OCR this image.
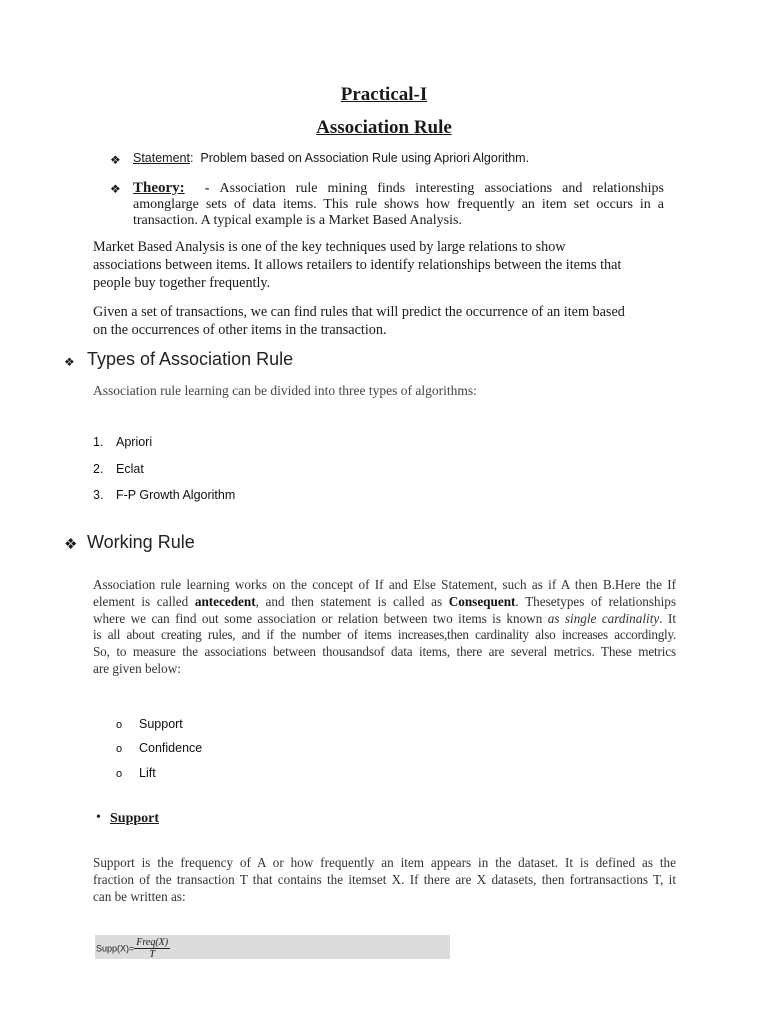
Practical-I
Association Rule
❖ Statement: Problem based on Association Rule using Apriori Algorithm.
❖ Theory: - Association rule mining finds interesting associations and relationships
amonglarge sets of data items. This rule shows how frequently an item set occurs in a
transaction. A typical example is a Market Based Analysis.
Market Based Analysis is one of the key techniques used by large relations to show
associations between items. It allows retailers to identify relationships between the items that
people buy together frequently.
Given a set of transactions, we can find rules that will predict the occurrence of an item based
on the occurrences of other items in the transaction.
❖ Types of Association Rule
Association rule learning can be divided into three types of algorithms:
1. Apriori
2. Eclat
3. F-P Growth Algorithm
❖ Working Rule
Association rule learning works on the concept of If and Else Statement, such as if A then B.Here the If
element is called antecedent, and then statement is called as Consequent. Thesetypes of relationships
where we can find out some association or relation between two items is known as single cardinality. It
is all about creating rules, and if the number of items increases,then cardinality also increases accordingly.
So, to measure the associations between thousandsof data items, there are several metrics. These metrics
are given below:
o Support
o Confidence
o Lift
• Support
Support is the frequency of A or how frequently an item appears in the dataset. It is defined as the
fraction of the transaction T that contains the itemset X. If there are X datasets, then fortransactions T, it
can be written as:
Supp(X)= $\frac{\text{Freq(X)}}{T}$
